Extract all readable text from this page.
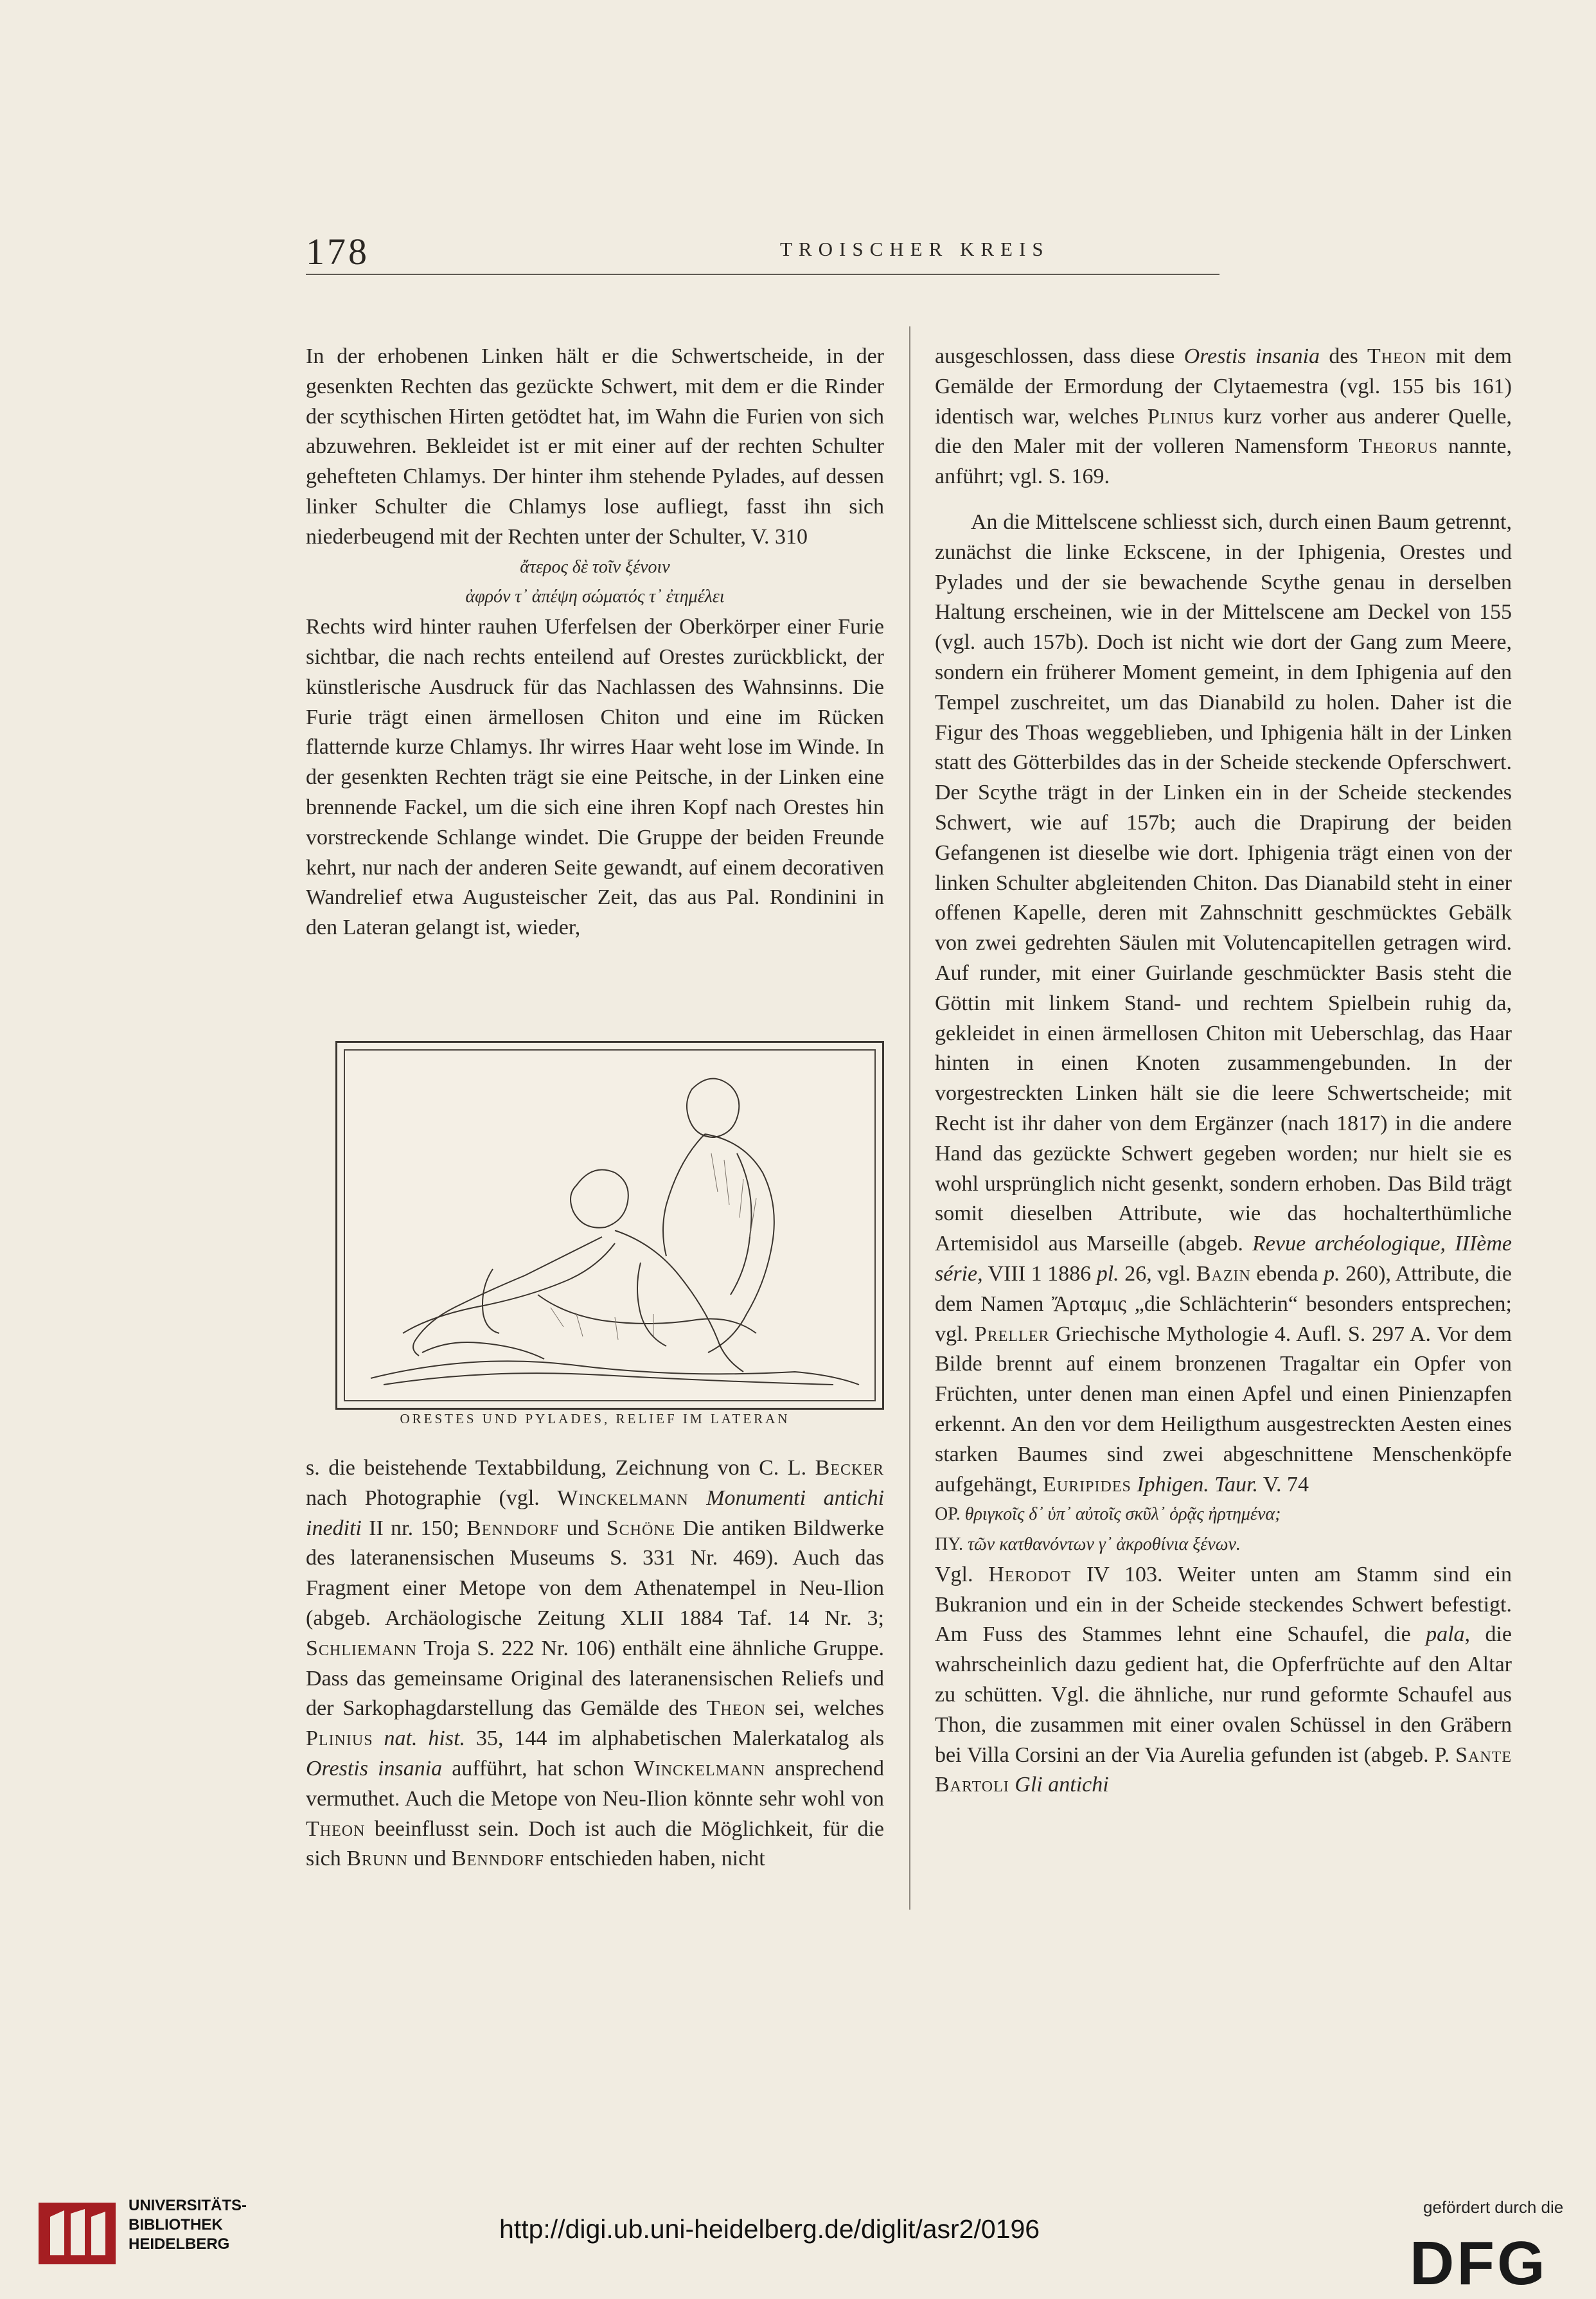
178	TROISCHER KREIS

In der erhobenen Linken hält er die Schwertscheide, in der gesenkten Rechten das gezückte Schwert, mit dem er die Rinder der scythischen Hirten getödtet hat, im Wahn die Furien von sich abzuwehren. Bekleidet ist er mit einer auf der rechten Schulter gehefteten Chlamys. Der hinter ihm stehende Pylades, auf dessen linker Schulter die Chlamys lose aufliegt, fasst ihn sich niederbeugend mit der Rechten unter der Schulter, V. 310

ἄτερος δὲ τοῖν ξένοιν

ἀφρόν τ᾽ ἀπέψη σώματός τ᾽ ἐτημέλει

Rechts wird hinter rauhen Uferfelsen der Oberkörper einer Furie sichtbar, die nach rechts enteilend auf Orestes zurückblickt, der künstlerische Ausdruck für das Nachlassen des Wahnsinns. Die Furie trägt einen ärmellosen Chiton und eine im Rücken flatternde kurze Chlamys. Ihr wirres Haar weht lose im Winde. In der gesenkten Rechten trägt sie eine Peitsche, in der Linken eine brennende Fackel, um die sich eine ihren Kopf nach Orestes hin vorstreckende Schlange windet. Die Gruppe der beiden Freunde kehrt, nur nach der anderen Seite gewandt, auf einem decorativen Wandrelief etwa Augusteischer Zeit, das aus Pal. Rondinini in den Lateran gelangt ist, wieder,

ORESTES UND PYLADES, RELIEF IM LATERAN

s. die beistehende Textabbildung, Zeichnung von C. L. Becker nach Photographie (vgl. Winckelmann Monumenti antichi inediti II nr. 150; Benndorf und Schöne Die antiken Bildwerke des lateranensischen Museums S. 331 Nr. 469). Auch das Fragment einer Metope von dem Athenatempel in Neu-Ilion (abgeb. Archäologische Zeitung XLII 1884 Taf. 14 Nr. 3; Schliemann Troja S. 222 Nr. 106) enthält eine ähnliche Gruppe. Dass das gemeinsame Original des lateranensischen Reliefs und der Sarkophagdarstellung das Gemälde des Theon sei, welches Plinius nat. hist. 35, 144 im alphabetischen Malerkatalog als Orestis insania aufführt, hat schon Winckelmann ansprechend vermuthet. Auch die Metope von Neu-Ilion könnte sehr wohl von Theon beeinflusst sein. Doch ist auch die Möglichkeit, für die sich Brunn und Benndorf entschieden haben, nicht

ausgeschlossen, dass diese Orestis insania des Theon mit dem Gemälde der Ermordung der Clytaemestra (vgl. 155 bis 161) identisch war, welches Plinius kurz vorher aus anderer Quelle, die den Maler mit der volleren Namensform Theorus nannte, anführt; vgl. S. 169.

An die Mittelscene schliesst sich, durch einen Baum getrennt, zunächst die linke Eckscene, in der Iphigenia, Orestes und Pylades und der sie bewachende Scythe genau in derselben Haltung erscheinen, wie in der Mittelscene am Deckel von 155 (vgl. auch 157b). Doch ist nicht wie dort der Gang zum Meere, sondern ein früherer Moment gemeint, in dem Iphigenia auf den Tempel zuschreitet, um das Dianabild zu holen. Daher ist die Figur des Thoas weggeblieben, und Iphigenia hält in der Linken statt des Götterbildes das in der Scheide steckende Opferschwert. Der Scythe trägt in der Linken ein in der Scheide steckendes Schwert, wie auf 157b; auch die Drapirung der beiden Gefangenen ist dieselbe wie dort. Iphigenia trägt einen von der linken Schulter abgleitenden Chiton. Das Dianabild steht in einer offenen Kapelle, deren mit Zahnschnitt geschmücktes Gebälk von zwei gedrehten Säulen mit Volutencapitellen getragen wird. Auf runder, mit einer Guirlande geschmückter Basis steht die Göttin mit linkem Stand- und rechtem Spielbein ruhig da, gekleidet in einen ärmellosen Chiton mit Ueberschlag, das Haar hinten in einen Knoten zusammengebunden. In der vorgestreckten Linken hält sie die leere Schwertscheide; mit Recht ist ihr daher von dem Ergänzer (nach 1817) in die andere Hand das gezückte Schwert gegeben worden; nur hielt sie es wohl ursprünglich nicht gesenkt, sondern erhoben. Das Bild trägt somit dieselben Attribute, wie das hochalterthümliche Artemisidol aus Marseille (abgeb. Revue archéologique, IIIème série, VIII 1 1886 pl. 26, vgl. Bazin ebenda p. 260), Attribute, die dem Namen Ἄρταμις „die Schlächterin“ besonders entsprechen; vgl. Preller Griechische Mythologie 4. Aufl. S. 297 A. Vor dem Bilde brennt auf einem bronzenen Tragaltar ein Opfer von Früchten, unter denen man einen Apfel und einen Pinienzapfen erkennt. An den vor dem Heiligthum ausgestreckten Aesten eines starken Baumes sind zwei abgeschnittene Menschenköpfe aufgehängt, Euripides Iphigen. Taur. V. 74

ΟΡ. θριγκοῖς δ᾽ ὑπ᾽ αὐτοῖς σκῦλ᾽ ὁρᾷς ἠρτημένα;

ΠΥ. τῶν κατθανόντων γ᾽ ἀκροθίνια ξένων.

Vgl. Herodot IV 103. Weiter unten am Stamm sind ein Bukranion und ein in der Scheide steckendes Schwert befestigt. Am Fuss des Stammes lehnt eine Schaufel, die pala, die wahrscheinlich dazu gedient hat, die Opferfrüchte auf den Altar zu schütten. Vgl. die ähnliche, nur rund geformte Schaufel aus Thon, die zusammen mit einer ovalen Schüssel in den Gräbern bei Villa Corsini an der Via Aurelia gefunden ist (abgeb. P. Sante Bartoli Gli antichi

UNIVERSITÄTS-
BIBLIOTHEK
HEIDELBERG
http://digi.ub.uni-heidelberg.de/diglit/asr2/0196
gefördert durch die
DFG
